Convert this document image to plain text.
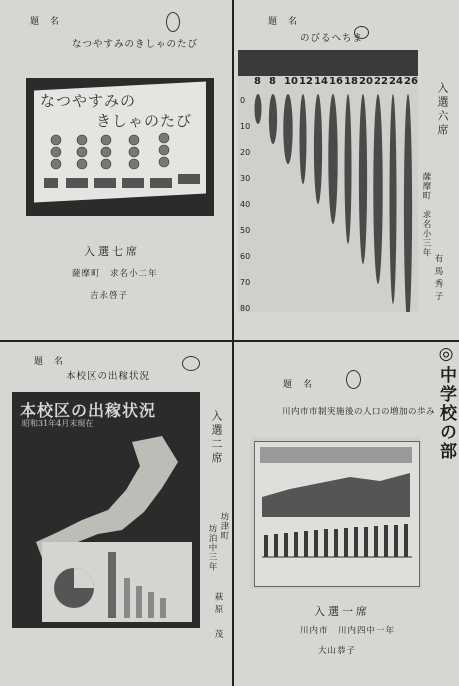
題　名
なつやすみのきしゃのたび
なつやすみの
きしゃのたび
入選七席
薩摩町　求名小二年
吉永啓子
題　名
のびるへちま
8 8 10 12 14 16 18 20 22 24 26
0
10
20
30
40
50
60
70
80
入選六席
薩摩町　求名小三年
有馬秀子
題　名
本校区の出稼状況
本校区の出稼状況
昭和31年4月末現在	入選二席
坊津町
坊泊中三年
萩原　茂
◎中学校の部
題　名
川内市市制実施後の人口の増加の歩み
入選一席
川内市　川内四中一年
大山恭子
